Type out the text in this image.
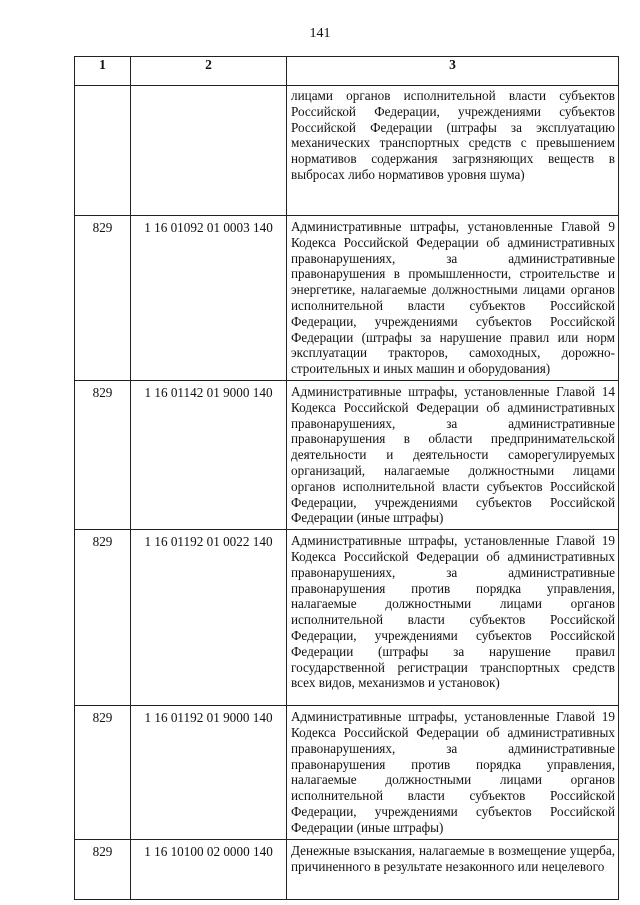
141
1	2	3
		лицами органов исполнительной власти субъектов Российской Федерации, учреждениями субъектов Российской Федерации (штрафы за эксплуатацию механических транспортных средств с превышением нормативов содержания загрязняющих веществ в выбросах либо нормативов уровня шума)
829	1 16 01092 01 0003 140	Административные штрафы, установленные Главой 9 Кодекса Российской Федерации об административных правонарушениях, за административные правонарушения в промышленности, строительстве и энергетике, налагаемые должностными лицами органов исполнительной власти субъектов Российской Федерации, учреждениями субъектов Российской Федерации (штрафы за нарушение правил или норм эксплуатации тракторов, самоходных, дорожно-строительных и иных машин и оборудования)
829	1 16 01142 01 9000 140	Административные штрафы, установленные Главой 14 Кодекса Российской Федерации об административных правонарушениях, за административные правонарушения в области предпринимательской деятельности и деятельности саморегулируемых организаций, налагаемые должностными лицами органов исполнительной власти субъектов Российской Федерации, учреждениями субъектов Российской Федерации (иные штрафы)
829	1 16 01192 01 0022 140	Административные штрафы, установленные Главой 19 Кодекса Российской Федерации об административных правонарушениях, за административные правонарушения против порядка управления, налагаемые должностными лицами органов исполнительной власти субъектов Российской Федерации, учреждениями субъектов Российской Федерации (штрафы за нарушение правил государственной регистрации транспортных средств всех видов, механизмов и установок)
829	1 16 01192 01 9000 140	Административные штрафы, установленные Главой 19 Кодекса Российской Федерации об административных правонарушениях, за административные правонарушения против порядка управления, налагаемые должностными лицами органов исполнительной власти субъектов Российской Федерации, учреждениями субъектов Российской Федерации (иные штрафы)
829	1 16 10100 02 0000 140	Денежные взыскания, налагаемые в возмещение ущерба, причиненного в результате незаконного или нецелевого
